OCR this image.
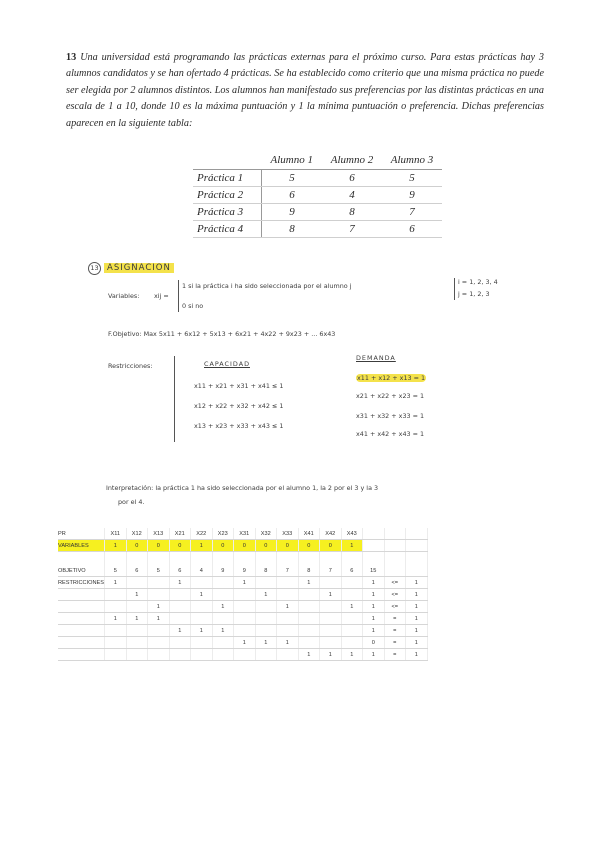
13 Una universidad está programando las prácticas externas para el próximo curso. Para estas prácticas hay 3 alumnos candidatos y se han ofertado 4 prácticas. Se ha establecido como criterio que una misma práctica no puede ser elegida por 2 alumnos distintos. Los alumnos han manifestado sus preferencias por las distintas prácticas en una escala de 1 a 10, donde 10 es la máxima puntuación y 1 la mínima puntuación o preferencia. Dichas preferencias aparecen en la siguiente tabla:
	Alumno 1	Alumno 2	Alumno 3
Práctica 1	5	6	5
Práctica 2	6	4	9
Práctica 3	9	8	7
Práctica 4	8	7	6
13 ASIGNACION
Variables: xij =
1 si la práctica i ha sido seleccionada por el alumno j
0 si no
i = 1, 2, 3, 4
j = 1, 2, 3
F.Objetivo: Max 5x11 + 6x12 + 5x13 + 6x21 + 4x22 + 9x23 + ... 6x43
Restricciones:	CAPACIDAD
x11 + x21 + x31 + x41 ≤ 1
x12 + x22 + x32 + x42 ≤ 1
x13 + x23 + x33 + x43 ≤ 1
DEMANDA
x11 + x12 + x13 = 1
x21 + x22 + x23 = 1
x31 + x32 + x33 = 1
x41 + x42 + x43 = 1
Interpretación: la práctica 1 ha sido seleccionada por el alumno 1, la 2 por el 3 y la 3
por el 4.
PR	X11	X12	X13	X21	X22	X23	X31	X32	X33	X41	X42	X43			
VARIABLES	1	0	0	0	1	0	0	0	0	0	0	1			

OBJETIVO	5	6	5	6	4	9	9	8	7	8	7	6	15		
RESTRICCIONES	1			1			1			1			1	<=	1
		1			1			1			1		1	<=	1
			1			1			1			1	1	<=	1
	1	1	1										1	=	1
				1	1	1							1	=	1
							1	1	1				0	=	1
										1	1	1	1	=	1
